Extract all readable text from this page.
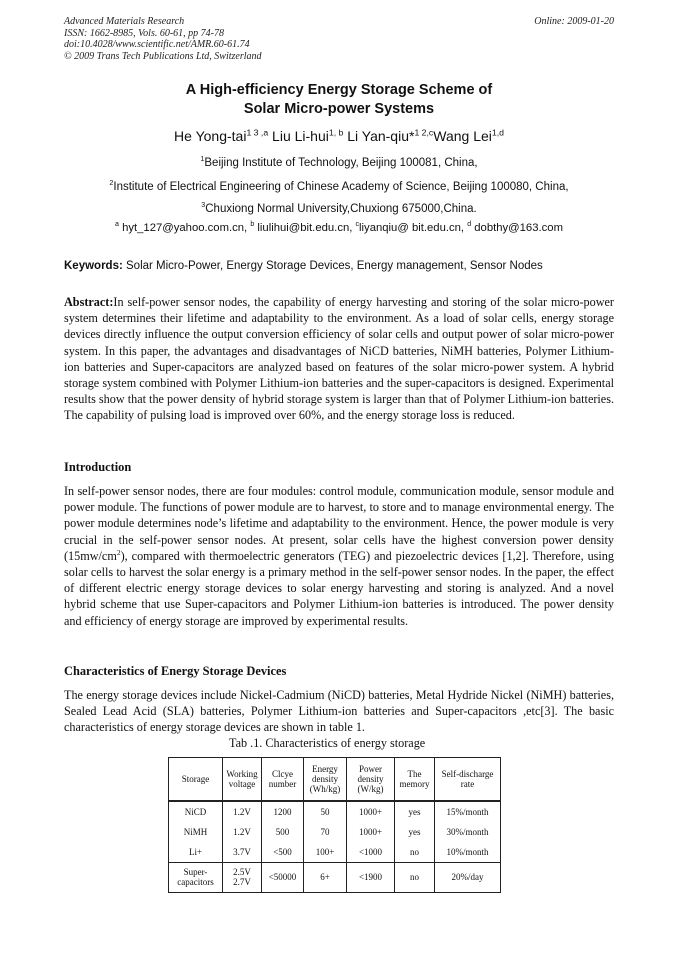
Advanced Materials Research
ISSN: 1662-8985, Vols. 60-61, pp 74-78
doi:10.4028/www.scientific.net/AMR.60-61.74
© 2009 Trans Tech Publications Ltd, Switzerland
Online: 2009-01-20
A High-efficiency Energy Storage Scheme of
Solar Micro-power Systems
He Yong-tai$^{1 3 ,a}$ Liu Li-hui$^{1, b}$ Li Yan-qiu*$^{1 2,c}$Wang Lei$^{1,d}$
$^1$Beijing Institute of Technology, Beijing 100081, China,
$^2$Institute of Electrical Engineering of Chinese Academy of Science, Beijing 100080, China,
$^3$Chuxiong Normal University,Chuxiong 675000,China.
$^a$ hyt_127@yahoo.com.cn, $^b$ liulihui@bit.edu.cn, $^c$liyanqiu@ bit.edu.cn, $^d$ dobthy@163.com
Keywords: Solar Micro-Power, Energy Storage Devices, Energy management, Sensor Nodes
Abstract:In self-power sensor nodes, the capability of energy harvesting and storing of the solar micro-power system determines their lifetime and adaptability to the environment. As a load of solar cells, energy storage devices directly influence the output conversion efficiency of solar cells and output power of solar micro-power system. In this paper, the advantages and disadvantages of NiCD batteries, NiMH batteries, Polymer Lithium-ion batteries and Super-capacitors are analyzed based on features of the solar micro-power system. A hybrid storage system combined with Polymer Lithium-ion batteries and the super-capacitors is designed. Experimental results show that the power density of hybrid storage system is larger than that of Polymer Lithium-ion batteries. The capability of pulsing load is improved over 60%, and the energy storage loss is reduced.
Introduction
In self-power sensor nodes, there are four modules: control module, communication module, sensor module and power module. The functions of power module are to harvest, to store and to manage environmental energy. The power module determines node’s lifetime and adaptability to the environment. Hence, the power module is very crucial in the self-power sensor nodes. At present, solar cells have the highest conversion power density $(15mw/cm^2)$, compared with thermoelectric generators (TEG) and piezoelectric devices [1,2]. Therefore, using solar cells to harvest the solar energy is a primary method in the self-power sensor nodes. In the paper, the effect of different electric energy storage devices to solar energy harvesting and storing is analyzed. And a novel hybrid scheme that use Super-capacitors and Polymer Lithium-ion batteries is introduced. The power density and efficiency of energy storage are improved by experimental results.
Characteristics of Energy Storage Devices
The energy storage devices include Nickel-Cadmium (NiCD) batteries, Metal Hydride Nickel (NiMH) batteries, Sealed Lead Acid (SLA) batteries, Polymer Lithium-ion batteries and Super-capacitors ,etc[3]. The basic characteristics of energy storage devices are shown in table 1.
Tab .1. Characteristics of energy storage
Storage	Working voltage	Clcye number	Energy density (Wh/kg)	Power density (W/kg)	The memory	Self-discharge rate
NiCD	1.2V	1200	50	1000+	yes	15%/month
NiMH	1.2V	500	70	1000+	yes	30%/month
Li+	3.7V	<500	100+	<1000	no	10%/month
Super-capacitors	2.5V 2.7V	<50000	6+	<1900	no	20%/day
